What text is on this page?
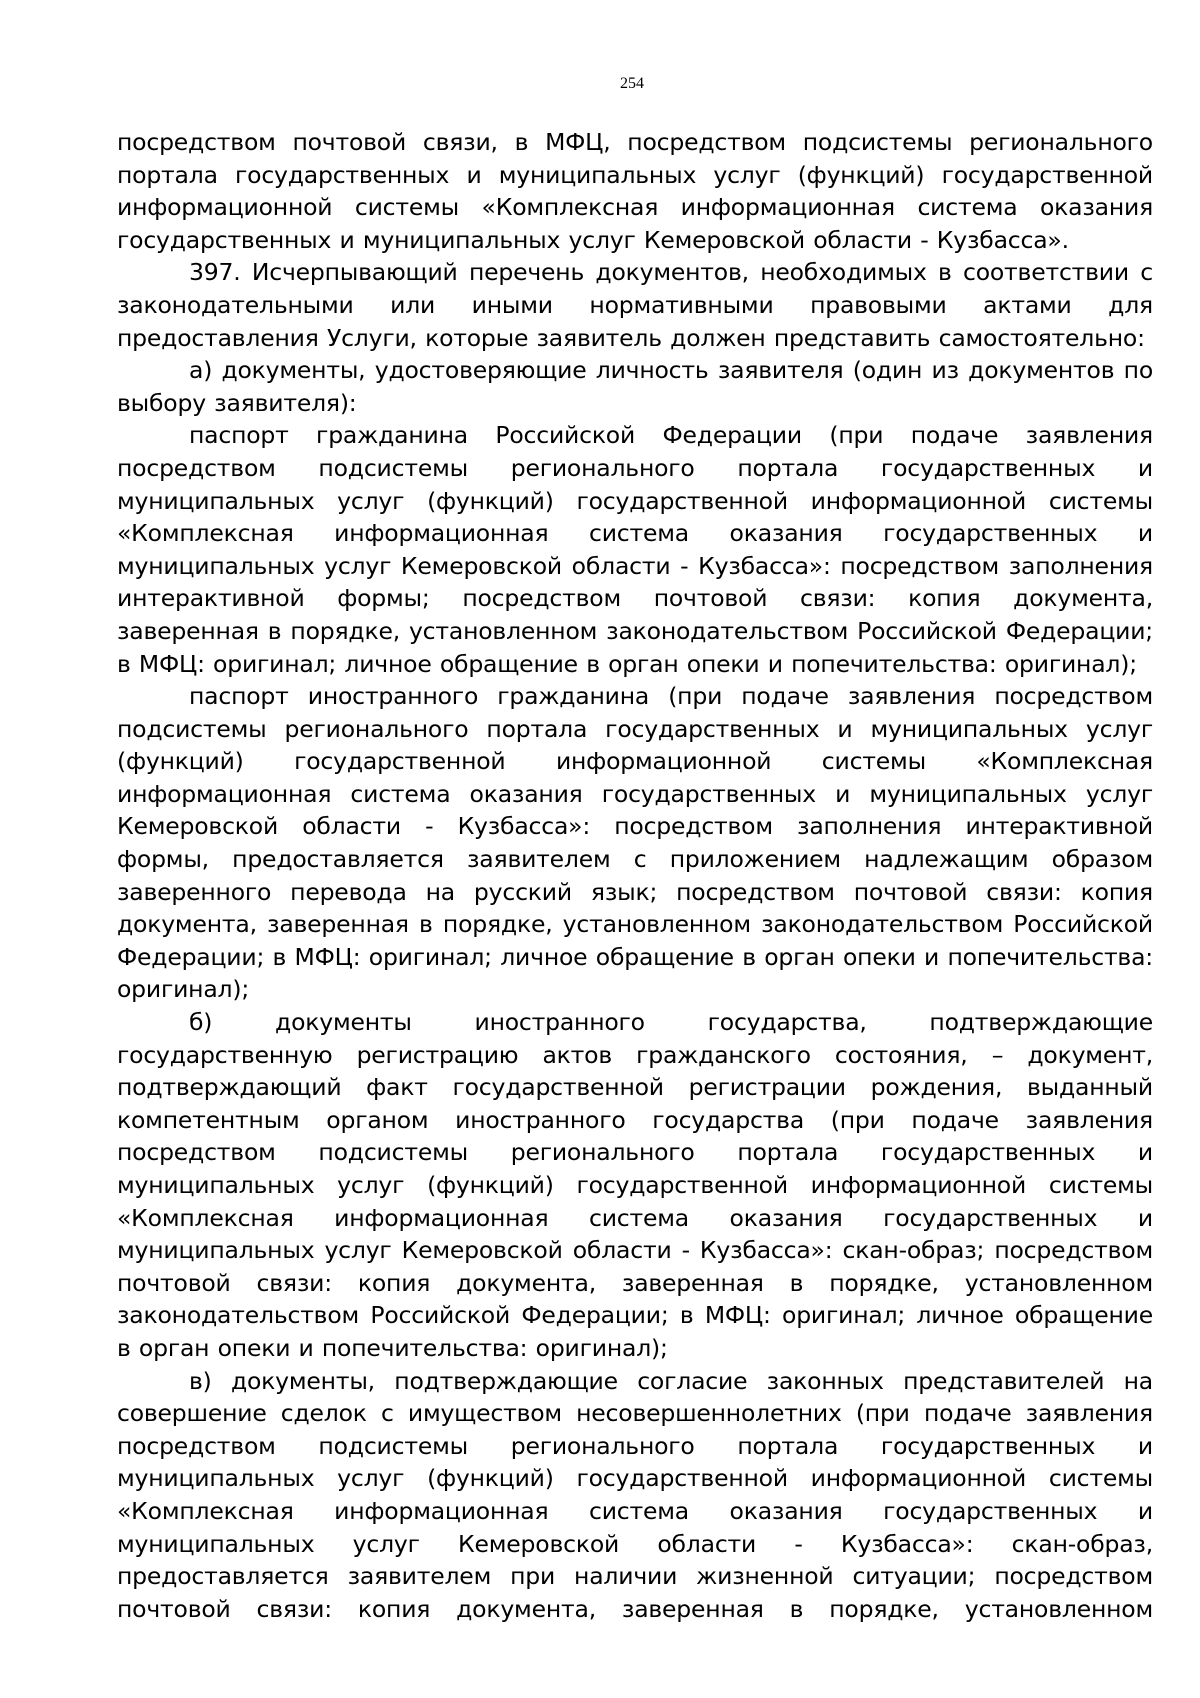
254

посредством почтовой связи, в МФЦ, посредством подсистемы регионального портала государственных и муниципальных услуг (функций) государственной информационной системы «Комплексная информационная система оказания государственных и муниципальных услуг Кемеровской области - Кузбасса».

397. Исчерпывающий перечень документов, необходимых в соответствии с законодательными или иными нормативными правовыми актами для предоставления Услуги, которые заявитель должен представить самостоятельно:

а) документы, удостоверяющие личность заявителя (один из документов по выбору заявителя):

паспорт гражданина Российской Федерации (при подаче заявления посредством подсистемы регионального портала государственных и муниципальных услуг (функций) государственной информационной системы «Комплексная информационная система оказания государственных и муниципальных услуг Кемеровской области - Кузбасса»: посредством заполнения интерактивной формы; посредством почтовой связи: копия документа, заверенная в порядке, установленном законодательством Российской Федерации; в МФЦ: оригинал; личное обращение в орган опеки и попечительства: оригинал);

паспорт иностранного гражданина (при подаче заявления посредством подсистемы регионального портала государственных и муниципальных услуг (функций) государственной информационной системы «Комплексная информационная система оказания государственных и муниципальных услуг Кемеровской области - Кузбасса»: посредством заполнения интерактивной формы, предоставляется заявителем с приложением надлежащим образом заверенного перевода на русский язык; посредством почтовой связи: копия документа, заверенная в порядке, установленном законодательством Российской Федерации; в МФЦ: оригинал; личное обращение в орган опеки и попечительства: оригинал);

б) документы иностранного государства, подтверждающие государственную регистрацию актов гражданского состояния, – документ, подтверждающий факт государственной регистрации рождения, выданный компетентным органом иностранного государства (при подаче заявления посредством подсистемы регионального портала государственных и муниципальных услуг (функций) государственной информационной системы «Комплексная информационная система оказания государственных и муниципальных услуг Кемеровской области - Кузбасса»: скан-образ; посредством почтовой связи: копия документа, заверенная в порядке, установленном законодательством Российской Федерации; в МФЦ: оригинал; личное обращение в орган опеки и попечительства: оригинал);

в) документы, подтверждающие согласие законных представителей на совершение сделок с имуществом несовершеннолетних (при подаче заявления посредством подсистемы регионального портала государственных и муниципальных услуг (функций) государственной информационной системы «Комплексная информационная система оказания государственных и муниципальных услуг Кемеровской области - Кузбасса»: скан-образ, предоставляется заявителем при наличии жизненной ситуации; посредством почтовой связи: копия документа, заверенная в порядке, установленном
